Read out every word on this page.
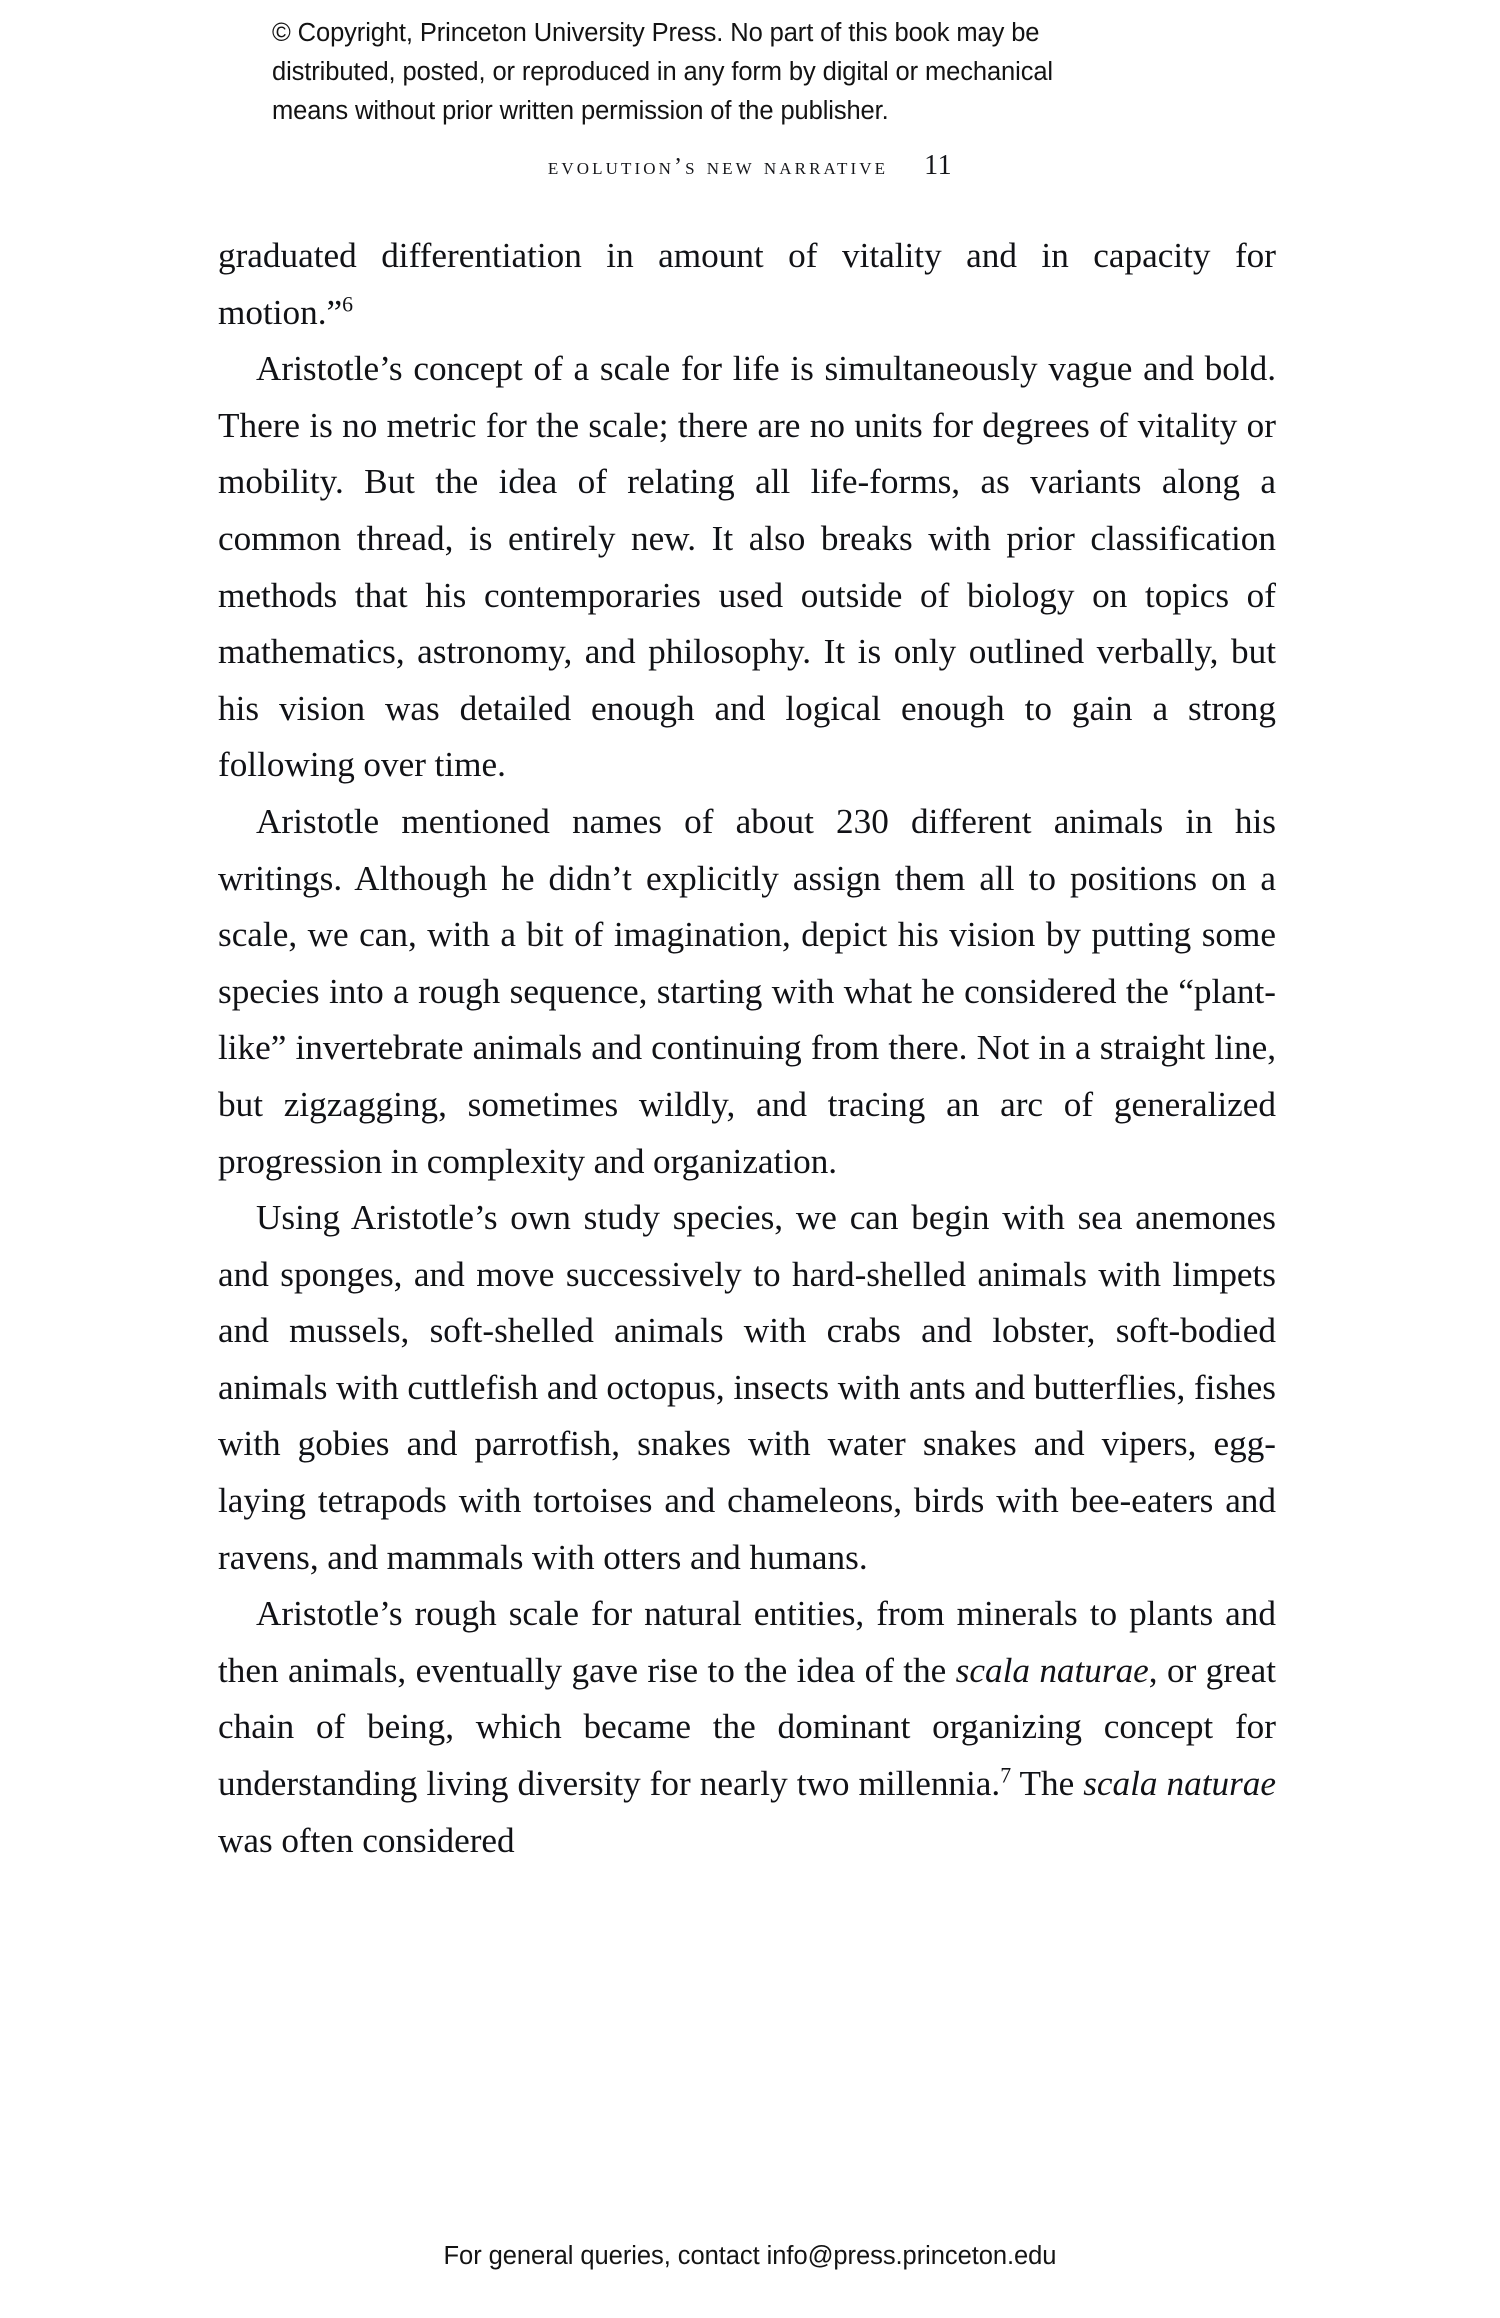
© Copyright, Princeton University Press. No part of this book may be
distributed, posted, or reproduced in any form by digital or mechanical
means without prior written permission of the publisher.
evolution’s new narrative 11

graduated differentiation in amount of vitality and in capacity for motion.”$^6$

Aristotle’s concept of a scale for life is simultaneously vague and bold. There is no metric for the scale; there are no units for degrees of vitality or mobility. But the idea of relating all life-forms, as variants along a common thread, is entirely new. It also breaks with prior classification methods that his contemporaries used outside of biology on topics of mathematics, astronomy, and philosophy. It is only outlined verbally, but his vision was detailed enough and logical enough to gain a strong following over time.

Aristotle mentioned names of about 230 different animals in his writings. Although he didn’t explicitly assign them all to positions on a scale, we can, with a bit of imagination, depict his vision by putting some species into a rough sequence, starting with what he considered the “plant-like” invertebrate animals and continuing from there. Not in a straight line, but zigzagging, sometimes wildly, and tracing an arc of generalized progression in complexity and organization.

Using Aristotle’s own study species, we can begin with sea anemones and sponges, and move successively to hard-shelled animals with limpets and mussels, soft-shelled animals with crabs and lobster, soft-bodied animals with cuttlefish and octopus, insects with ants and butterflies, fishes with gobies and parrotfish, snakes with water snakes and vipers, egg-laying tetrapods with tortoises and chameleons, birds with bee-eaters and ravens, and mammals with otters and humans.

Aristotle’s rough scale for natural entities, from minerals to plants and then animals, eventually gave rise to the idea of the scala naturae, or great chain of being, which became the dominant organizing concept for understanding living diversity for nearly two millennia.$^7$ The scala naturae was often considered

For general queries, contact info@press.princeton.edu
